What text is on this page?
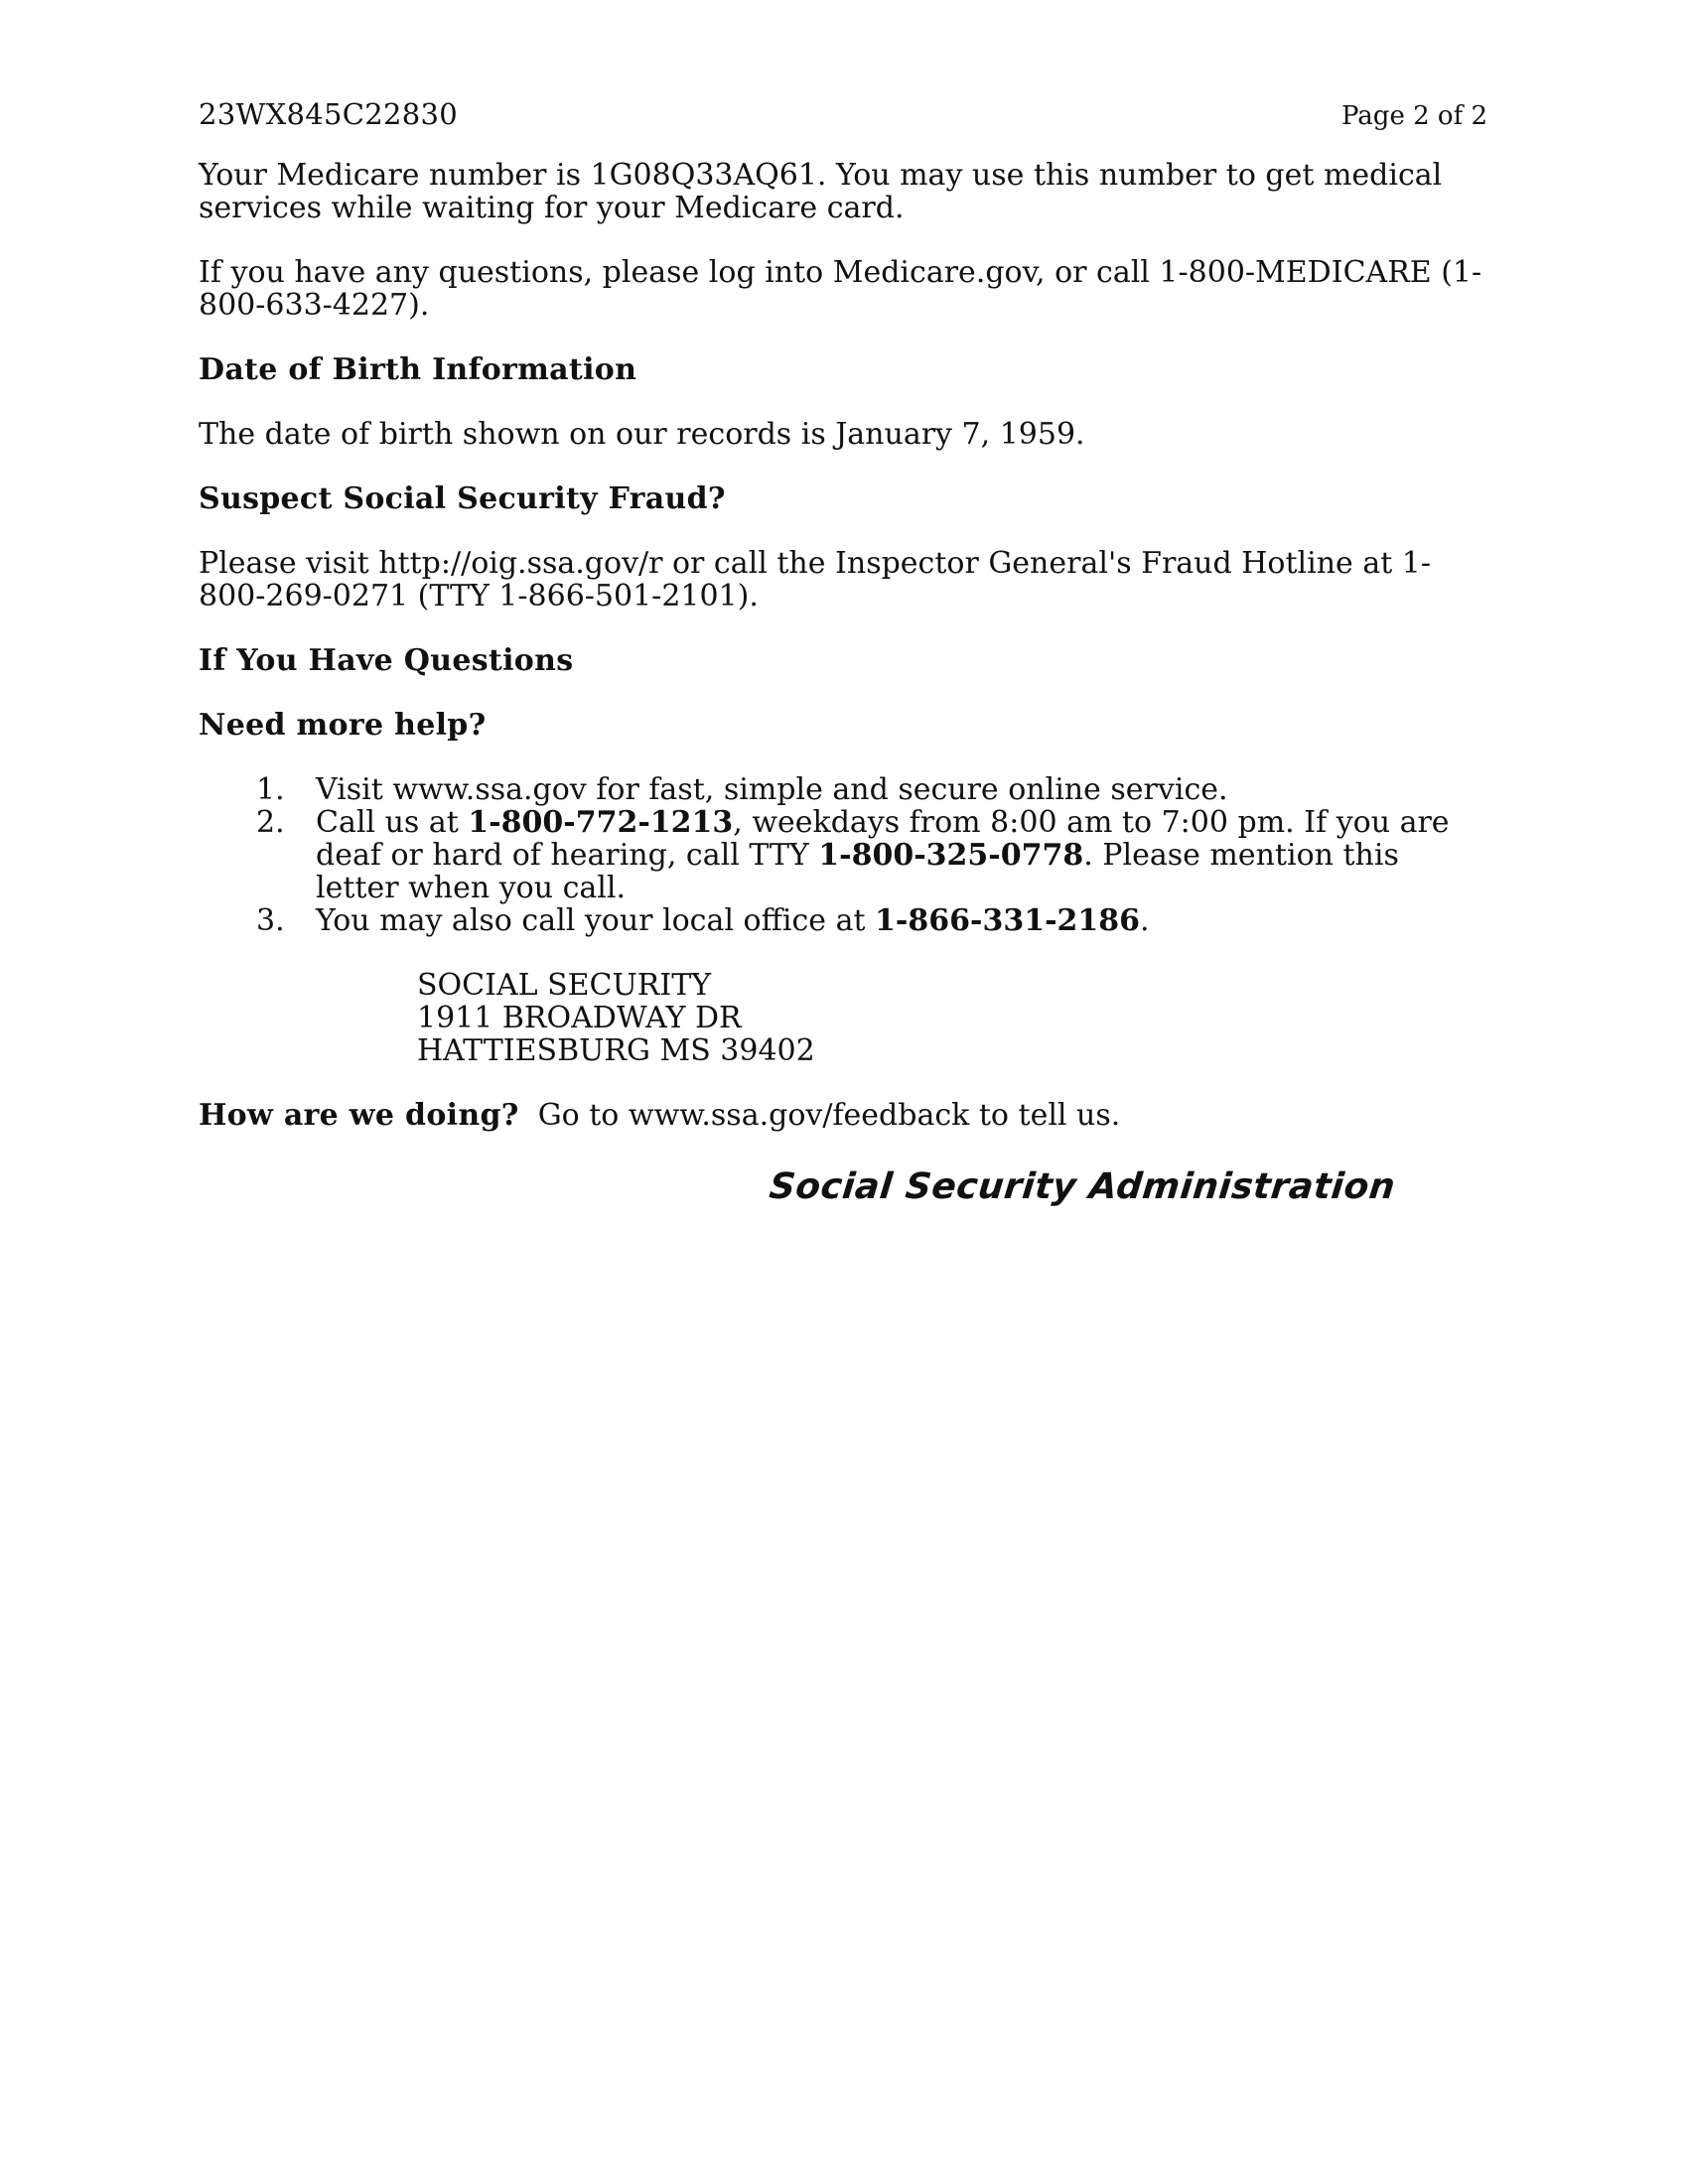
23WX845C22830	Page 2 of 2

Your Medicare number is 1G08Q33AQ61. You may use this number to get medical services while waiting for your Medicare card.

If you have any questions, please log into Medicare.gov, or call 1-800-MEDICARE (1-800-633-4227).

Date of Birth Information

The date of birth shown on our records is January 7, 1959.

Suspect Social Security Fraud?

Please visit http://oig.ssa.gov/r or call the Inspector General's Fraud Hotline at 1-800-269-0271 (TTY 1-866-501-2101).

If You Have Questions

Need more help?

1.	Visit www.ssa.gov for fast, simple and secure online service.
2.	Call us at 1-800-772-1213, weekdays from 8:00 am to 7:00 pm. If you are deaf or hard of hearing, call TTY 1-800-325-0778. Please mention this letter when you call.
3.	You may also call your local office at 1-866-331-2186.
SOCIAL SECURITY
1911 BROADWAY DR
HATTIESBURG MS 39402

How are we doing? Go to www.ssa.gov/feedback to tell us.

Social Security Administration
